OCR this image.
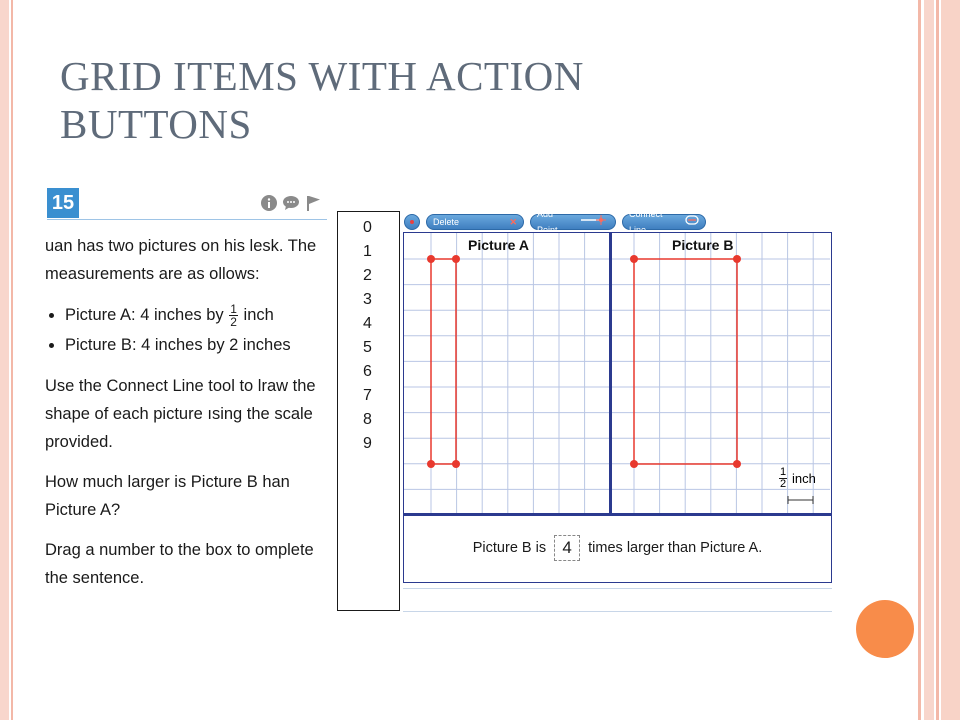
GRID ITEMS WITH ACTION
BUTTONS
15

uan has two pictures on his lesk. The measurements are as ollows:

• Picture A: 4 inches by $\frac{1}{2}$ inch
• Picture B: 4 inches by 2 inches

Use the Connect Line tool to lraw the shape of each picture ısing the scale provided.

How much larger is Picture B han Picture A?

Drag a number to the box to omplete the sentence.

0
1
2
3
4
5
6
7
8
9
Delete	✕
Add Point
Connect Line
Picture A	Picture B
$\frac{1}{2}$ inch
Picture B is 4 times larger than Picture A.
